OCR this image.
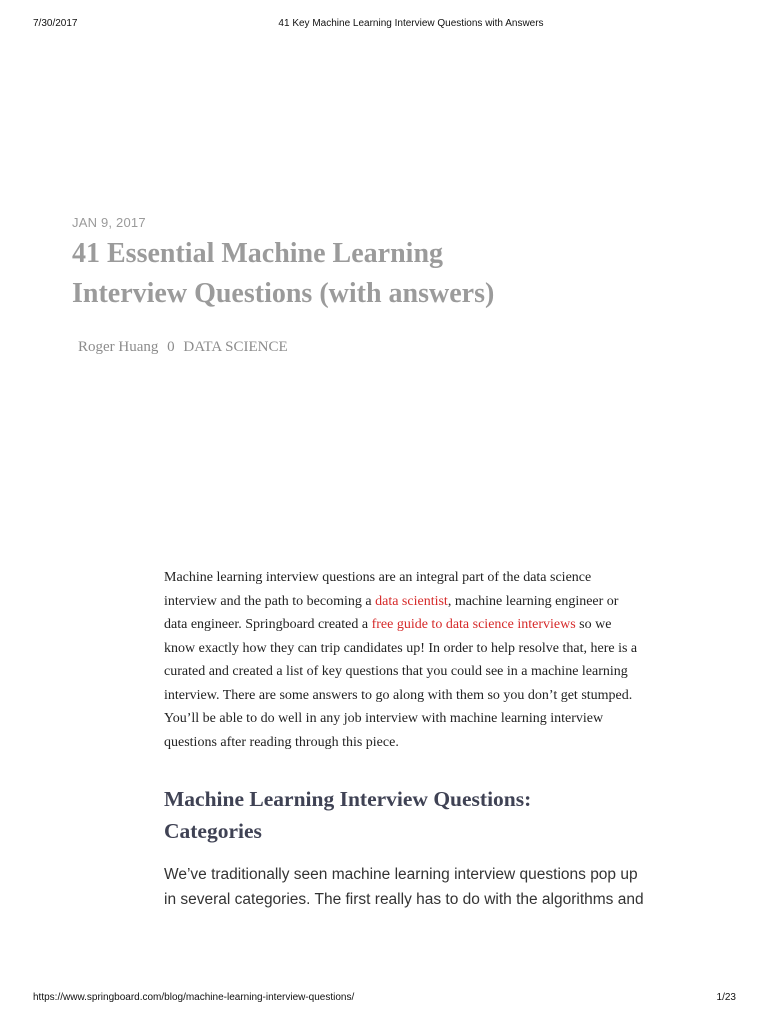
7/30/2017	41 Key Machine Learning Interview Questions with Answers
JAN 9, 2017
41 Essential Machine Learning
Interview Questions (with answers)
Roger Huang 0 DATA SCIENCE

Machine learning interview questions are an integral part of the data science interview and the path to becoming a data scientist, machine learning engineer or data engineer. Springboard created a free guide to data science interviews so we know exactly how they can trip candidates up! In order to help resolve that, here is a curated and created a list of key questions that you could see in a machine learning interview. There are some answers to go along with them so you don’t get stumped. You’ll be able to do well in any job interview with machine learning interview questions after reading through this piece.

Machine Learning Interview Questions:
Categories

We’ve traditionally seen machine learning interview questions pop up in several categories. The first really has to do with the algorithms and

https://www.springboard.com/blog/machine-learning-interview-questions/	1/23
